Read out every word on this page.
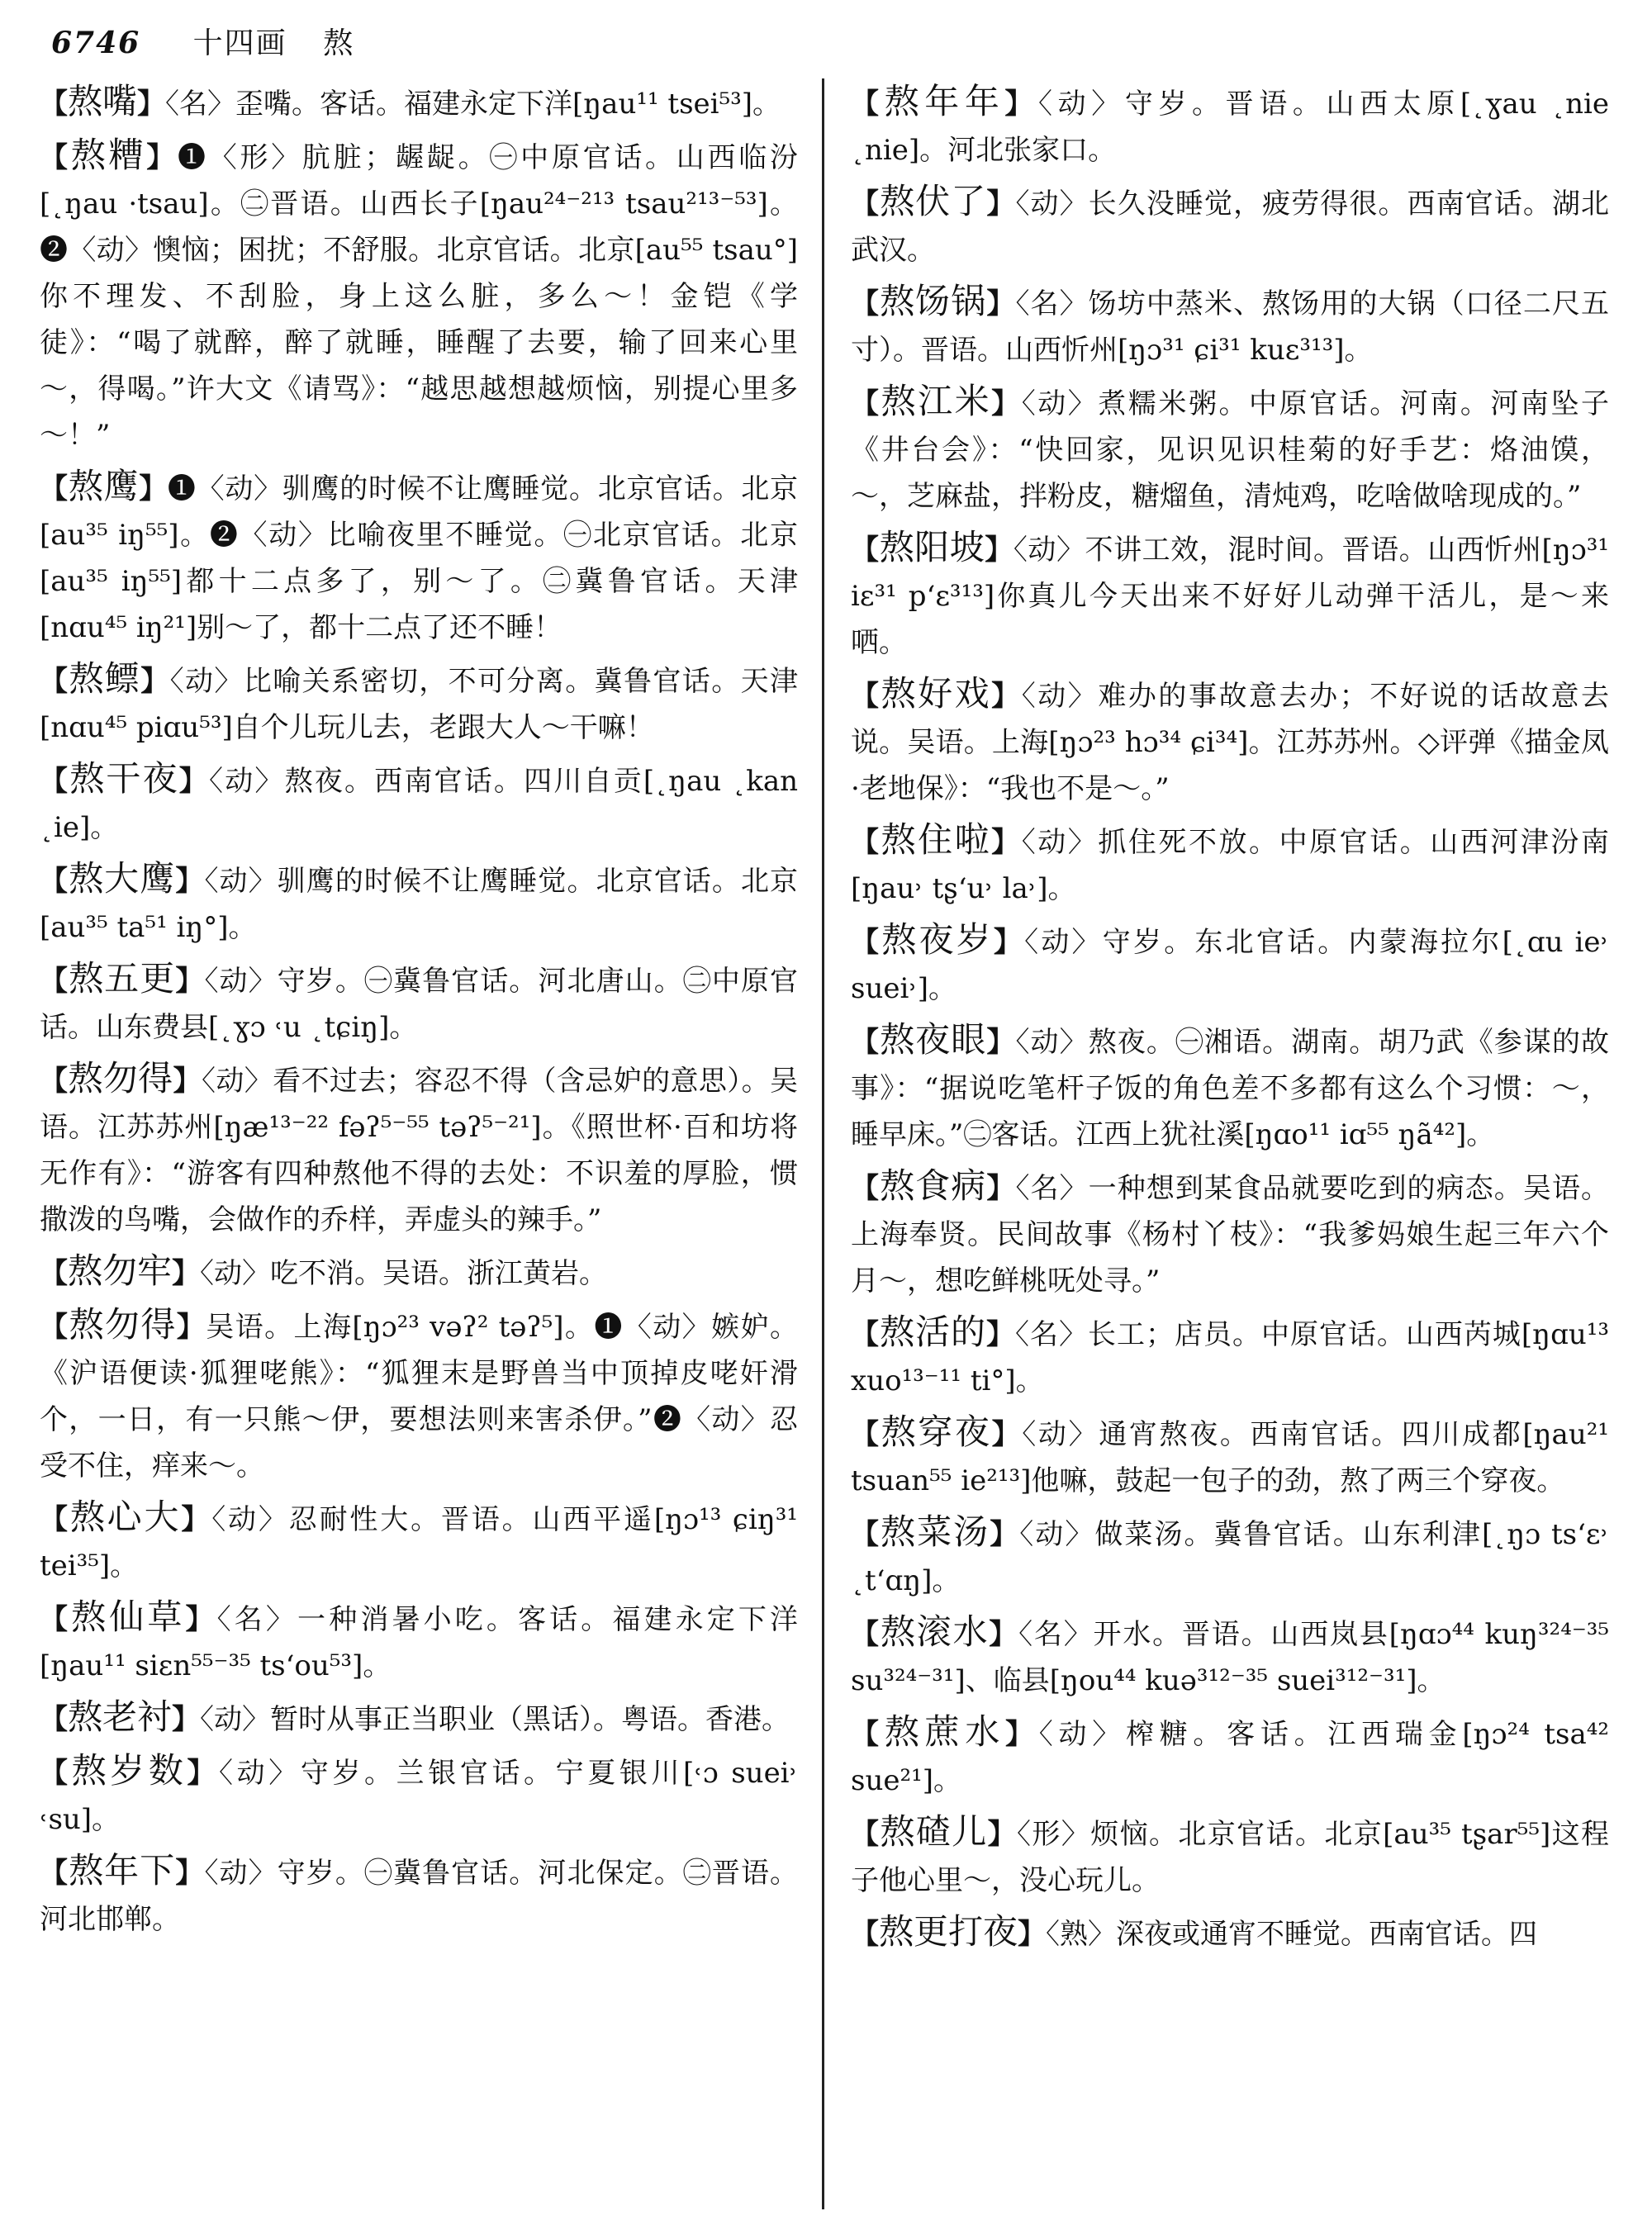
6746 十四画 熬
【熬嘴】〈名〉歪嘴。客话。福建永定下洋[ŋau¹¹ tsei⁵³]。
【熬糟】❶〈形〉肮脏；龌龊。㊀中原官话。山西临汾[˛ŋau ·tsau]。㊁晋语。山西长子[ŋau²⁴⁻²¹³ tsau²¹³⁻⁵³]。❷〈动〉懊恼；困扰；不舒服。北京官话。北京[au⁵⁵ tsau°]你不理发、不刮脸，身上这么脏，多么～！金铠《学徒》：“喝了就醉，醉了就睡，睡醒了去要，输了回来心里～，得喝。”许大文《请骂》：“越思越想越烦恼，别提心里多～！”
【熬鹰】❶〈动〉驯鹰的时候不让鹰睡觉。北京官话。北京[au³⁵ iŋ⁵⁵]。❷〈动〉比喻夜里不睡觉。㊀北京官话。北京[au³⁵ iŋ⁵⁵]都十二点多了，别～了。㊁冀鲁官话。天津[nɑu⁴⁵ iŋ²¹]别～了，都十二点了还不睡！
【熬鳔】〈动〉比喻关系密切，不可分离。冀鲁官话。天津[nɑu⁴⁵ piɑu⁵³]自个儿玩儿去，老跟大人～干嘛！
【熬干夜】〈动〉熬夜。西南官话。四川自贡[˛ŋau ˛kan ˛ie]。
【熬大鹰】〈动〉驯鹰的时候不让鹰睡觉。北京官话。北京[au³⁵ ta⁵¹ iŋ°]。
【熬五更】〈动〉守岁。㊀冀鲁官话。河北唐山。㊁中原官话。山东费县[˛ɣɔ ˓u ˛tɕiŋ]。
【熬勿得】〈动〉看不过去；容忍不得（含忌妒的意思）。吴语。江苏苏州[ŋæ¹³⁻²² fəʔ⁵⁻⁵⁵ təʔ⁵⁻²¹]。《照世杯·百和坊将无作有》：“游客有四种熬他不得的去处：不识羞的厚脸，惯撒泼的鸟嘴，会做作的乔样，弄虚头的辣手。”
【熬勿牢】〈动〉吃不消。吴语。浙江黄岩。
【熬勿得】吴语。上海[ŋɔ²³ vəʔ² təʔ⁵]。❶〈动〉嫉妒。《沪语便读·狐狸咾熊》：“狐狸末是野兽当中顶掉皮咾奸滑个，一日，有一只熊～伊，要想法则来害杀伊。”❷〈动〉忍受不住，痒来～。
【熬心大】〈动〉忍耐性大。晋语。山西平遥[ŋɔ¹³ ɕiŋ³¹ tei³⁵]。
【熬仙草】〈名〉一种消暑小吃。客话。福建永定下洋[ŋau¹¹ siɛn⁵⁵⁻³⁵ tsʻou⁵³]。
【熬老衬】〈动〉暂时从事正当职业（黑话）。粤语。香港。
【熬岁数】〈动〉守岁。兰银官话。宁夏银川[˓ɔ suei˒ ˓su]。
【熬年下】〈动〉守岁。㊀冀鲁官话。河北保定。㊁晋语。河北邯郸。
【熬年年】〈动〉守岁。晋语。山西太原[˛ɣau ˛nie ˛nie]。河北张家口。
【熬伏了】〈动〉长久没睡觉，疲劳得很。西南官话。湖北武汉。
【熬饧锅】〈名〉饧坊中蒸米、熬饧用的大锅（口径二尺五寸）。晋语。山西忻州[ŋɔ³¹ ɕi³¹ kuɛ³¹³]。
【熬江米】〈动〉煮糯米粥。中原官话。河南。河南坠子《井台会》：“快回家，见识见识桂菊的好手艺：烙油馍，～，芝麻盐，拌粉皮，糖熘鱼，清炖鸡，吃啥做啥现成的。”
【熬阳坡】〈动〉不讲工效，混时间。晋语。山西忻州[ŋɔ³¹ iɛ³¹ pʻɛ³¹³]你真儿今天出来不好好儿动弹干活儿，是～来哂。
【熬好戏】〈动〉难办的事故意去办；不好说的话故意去说。吴语。上海[ŋɔ²³ hɔ³⁴ ɕi³⁴]。江苏苏州。◇评弹《描金凤·老地保》：“我也不是～。”
【熬住啦】〈动〉抓住死不放。中原官话。山西河津汾南[ŋau˒ tʂʻu˒ la˒]。
【熬夜岁】〈动〉守岁。东北官话。内蒙海拉尔[˛ɑu ie˒ suei˒]。
【熬夜眼】〈动〉熬夜。㊀湘语。湖南。胡乃武《参谋的故事》：“据说吃笔杆子饭的角色差不多都有这么个习惯：～，睡早床。”㊁客话。江西上犹社溪[ŋɑo¹¹ iɑ⁵⁵ ŋã⁴²]。
【熬食病】〈名〉一种想到某食品就要吃到的病态。吴语。上海奉贤。民间故事《杨村丫枝》：“我爹妈娘生起三年六个月～，想吃鲜桃呒处寻。”
【熬活的】〈名〉长工；店员。中原官话。山西芮城[ŋɑu¹³ xuo¹³⁻¹¹ ti°]。
【熬穿夜】〈动〉通宵熬夜。西南官话。四川成都[ŋau²¹ tsuan⁵⁵ ie²¹³]他嘛，鼓起一包子的劲，熬了两三个穿夜。
【熬菜汤】〈动〉做菜汤。冀鲁官话。山东利津[˛ŋɔ tsʻɛ˒ ˛tʻɑŋ]。
【熬滚水】〈名〉开水。晋语。山西岚县[ŋɑɔ⁴⁴ kuŋ³²⁴⁻³⁵ su³²⁴⁻³¹]、临县[ŋou⁴⁴ kuə³¹²⁻³⁵ suei³¹²⁻³¹]。
【熬蔗水】〈动〉榨糖。客话。江西瑞金[ŋɔ²⁴ tsa⁴² sue²¹]。
【熬碴儿】〈形〉烦恼。北京官话。北京[au³⁵ tʂar⁵⁵]这程子他心里～，没心玩儿。
【熬更打夜】〈熟〉深夜或通宵不睡觉。西南官话。四
